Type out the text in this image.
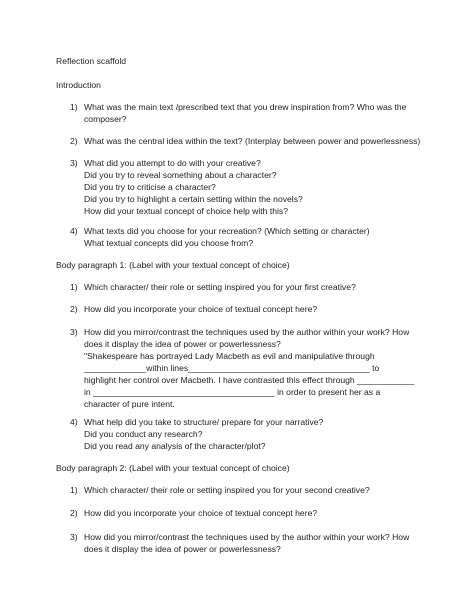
Reflection scaffold
Introduction
1) What was the main text /prescribed text that you drew inspiration from? Who was the
composer?
2) What was the central idea within the text? (Interplay between power and powerlessness)
3) What did you attempt to do with your creative?
Did you try to reveal something about a character?
Did you try to criticise a character?
Did you try to highlight a certain setting within the novels?
How did your textual concept of choice help with this?
4) What texts did you choose for your recreation? (Which setting or character)
What textual concepts did you choose from?
Body paragraph 1: (Label with your textual concept of choice)
1) Which character/ their role or setting inspired you for your first creative?
2) How did you incorporate your choice of textual concept here?
3) How did you mirror/contrast the techniques used by the author within your work? How
does it display the idea of power or powerlessness?
"Shakespeare has portrayed Lady Macbeth as evil and manipulative through
_____________within lines______________________________________ to
highlight her control over Macbeth. I have contrasted this effect through ____________
in ______________________________________ in order to present her as a
character of pure intent.
4) What help did you take to structure/ prepare for your narrative?
Did you conduct any research?
Did you read any analysis of the character/plot?
Body paragraph 2: (Label with your textual concept of choice)
1) Which character/ their role or setting inspired you for your second creative?
2) How did you incorporate your choice of textual concept here?
3) How did you mirror/contrast the techniques used by the author within your work? How
does it display the idea of power or powerlessness?
